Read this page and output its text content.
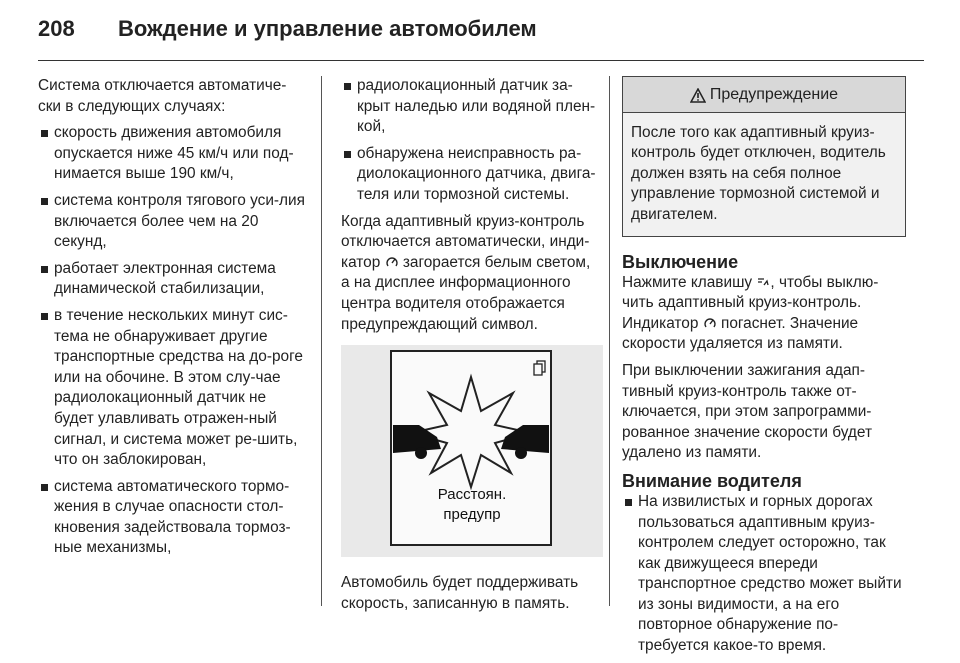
208 Вождение и управление автомобилем

Система отключается автоматиче-ски в следующих случаях:

скорость движения автомобиля опускается ниже 45 км/ч или под-нимается выше 190 км/ч,
система контроля тягового уси-лия включается более чем на 20 секунд,
работает электронная система динамической стабилизации,
в течение нескольких минут сис-тема не обнаруживает другие транспортные средства на до-роге или на обочине. В этом слу-чае радиолокационный датчик не будет улавливать отражен-ный сигнал, и система может ре-шить, что он заблокирован,
система автоматического тормо-жения в случае опасности стол-кновения задействовала тормоз-ные механизмы,
радиолокационный датчик за-крыт наледью или водяной плен-кой,
обнаружена неисправность ра-диолокационного датчика, двига-теля или тормозной системы.

Когда адаптивный круиз-контроль отключается автоматически, инди-катор загорается белым светом, а на дисплее информационного центра водителя отображается предупреждающий символ.

Расстоян.
предупр

Автомобиль будет поддерживать скорость, записанную в память.

Предупреждение
После того как адаптивный круиз-контроль будет отключен, водитель должен взять на себя полное управление тормозной системой и двигателем.
Выключение

Нажмите клавишу , чтобы выклю-чить адаптивный круиз-контроль. Индикатор погаснет. Значение скорости удаляется из памяти.

При выключении зажигания адап-тивный круиз-контроль также от-ключается, при этом запрограмми-рованное значение скорости будет удалено из памяти.

Внимание водителя
На извилистых и горных дорогах пользоваться адаптивным круиз-контролем следует осторожно, так как движущееся впереди транспортное средство может выйти из зоны видимости, а на его повторное обнаружение по-требуется какое-то время.
